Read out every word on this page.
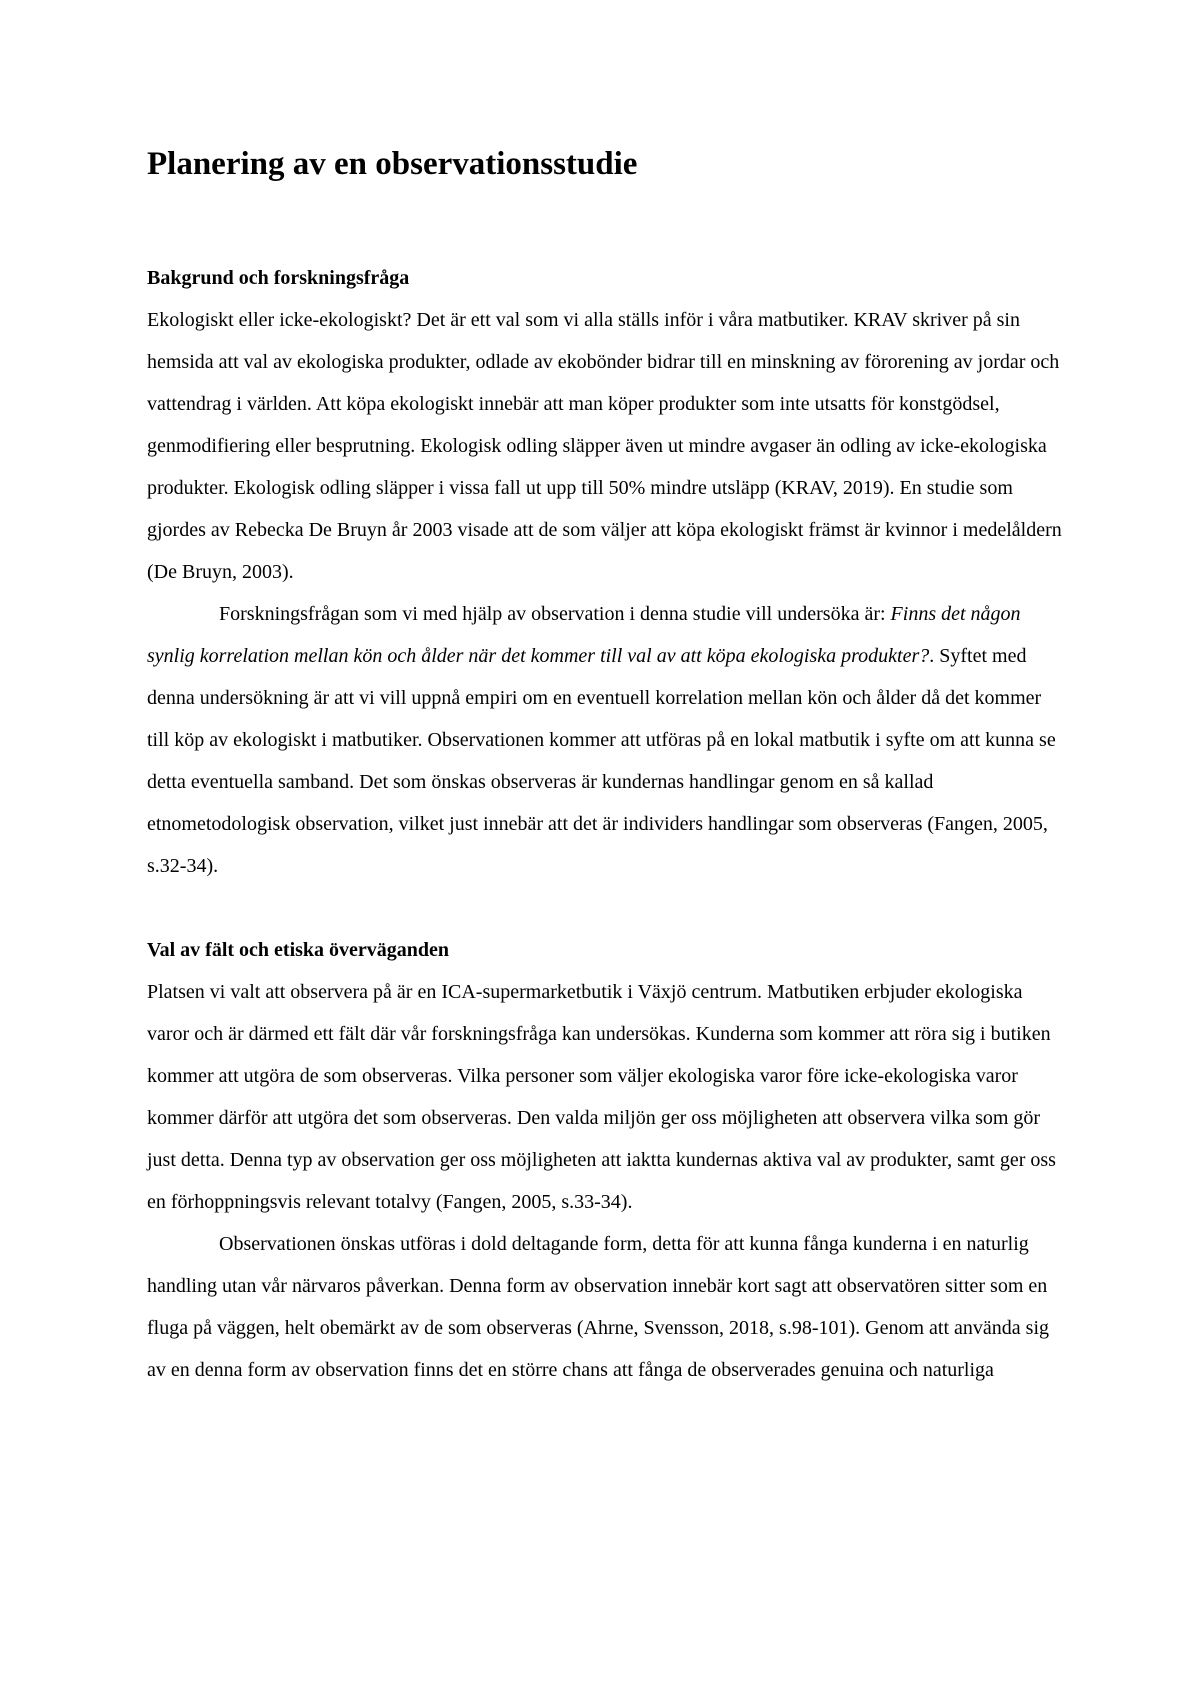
Planering av en observationsstudie
Bakgrund och forskningsfråga

Ekologiskt eller icke-ekologiskt? Det är ett val som vi alla ställs inför i våra matbutiker. KRAV skriver på sin hemsida att val av ekologiska produkter, odlade av ekobönder bidrar till en minskning av förorening av jordar och vattendrag i världen. Att köpa ekologiskt innebär att man köper produkter som inte utsatts för konstgödsel, genmodifiering eller besprutning. Ekologisk odling släpper även ut mindre avgaser än odling av icke-ekologiska produkter. Ekologisk odling släpper i vissa fall ut upp till 50% mindre utsläpp (KRAV, 2019). En studie som gjordes av Rebecka De Bruyn år 2003 visade att de som väljer att köpa ekologiskt främst är kvinnor i medelåldern (De Bruyn, 2003).

Forskningsfrågan som vi med hjälp av observation i denna studie vill undersöka är: Finns det någon synlig korrelation mellan kön och ålder när det kommer till val av att köpa ekologiska produkter?. Syftet med denna undersökning är att vi vill uppnå empiri om en eventuell korrelation mellan kön och ålder då det kommer till köp av ekologiskt i matbutiker. Observationen kommer att utföras på en lokal matbutik i syfte om att kunna se detta eventuella samband. Det som önskas observeras är kundernas handlingar genom en så kallad etnometodologisk observation, vilket just innebär att det är individers handlingar som observeras (Fangen, 2005, s.32-34).

Val av fält och etiska överväganden

Platsen vi valt att observera på är en ICA-supermarketbutik i Växjö centrum. Matbutiken erbjuder ekologiska varor och är därmed ett fält där vår forskningsfråga kan undersökas. Kunderna som kommer att röra sig i butiken kommer att utgöra de som observeras. Vilka personer som väljer ekologiska varor före icke-ekologiska varor kommer därför att utgöra det som observeras. Den valda miljön ger oss möjligheten att observera vilka som gör just detta. Denna typ av observation ger oss möjligheten att iaktta kundernas aktiva val av produkter, samt ger oss en förhoppningsvis relevant totalvy (Fangen, 2005, s.33-34).

Observationen önskas utföras i dold deltagande form, detta för att kunna fånga kunderna i en naturlig handling utan vår närvaros påverkan. Denna form av observation innebär kort sagt att observatören sitter som en fluga på väggen, helt obemärkt av de som observeras (Ahrne, Svensson, 2018, s.98-101). Genom att använda sig av en denna form av observation finns det en större chans att fånga de observerades genuina och naturliga
